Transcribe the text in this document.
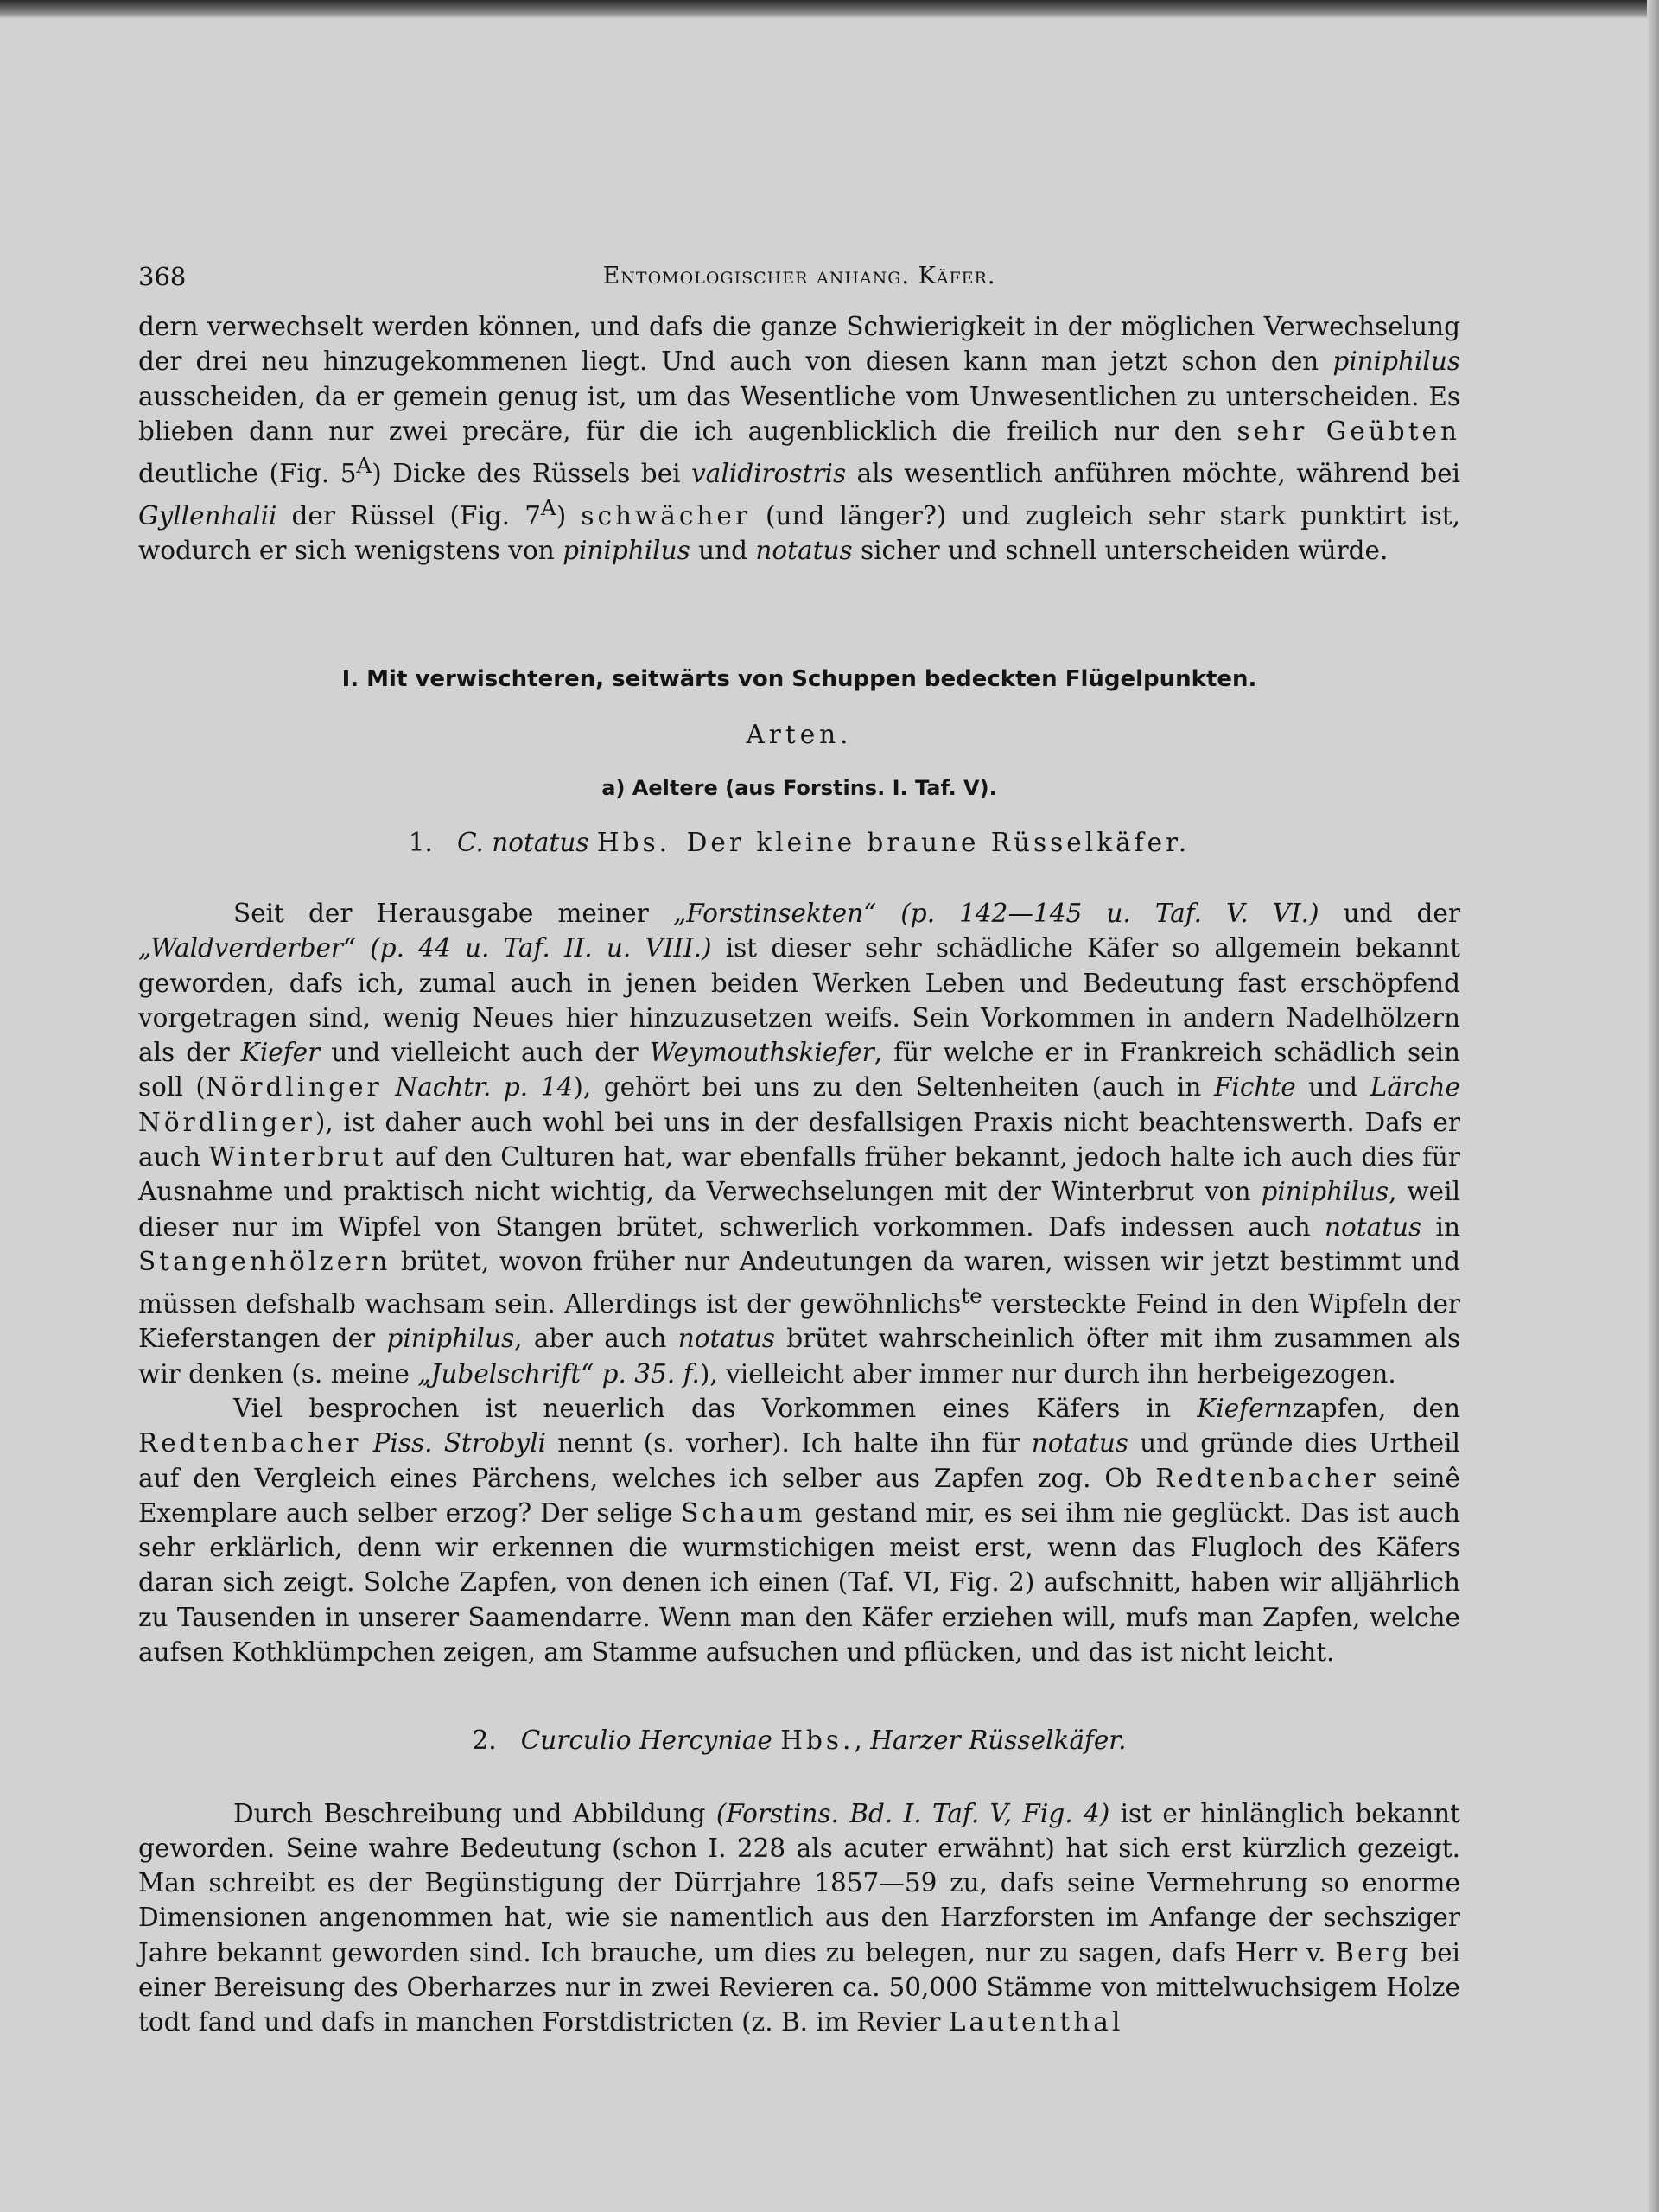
368	Entomologischer anhang. Käfer.

dern verwechselt werden können, und dafs die ganze Schwierigkeit in der möglichen Verwechselung der drei neu hinzugekommenen liegt. Und auch von diesen kann man jetzt schon den piniphilus ausscheiden, da er gemein genug ist, um das Wesentliche vom Unwesentlichen zu unterscheiden. Es blieben dann nur zwei precäre, für die ich augenblicklich die freilich nur den sehr Geübten deutliche (Fig. $5^A$) Dicke des Rüssels bei validirostris als wesentlich anführen möchte, während bei Gyllenhalii der Rüssel (Fig. $7^A$) schwächer (und länger?) und zugleich sehr stark punktirt ist, wodurch er sich wenigstens von piniphilus und notatus sicher und schnell unterscheiden würde.

I. Mit verwischteren, seitwärts von Schuppen bedeckten Flügelpunkten.
Arten.
a) Aeltere (aus Forstins. I. Taf. V).
1. C. notatus Hbs. Der kleine braune Rüsselkäfer.

Seit der Herausgabe meiner „Forstinsekten“ (p. 142—145 u. Taf. V. VI.) und der „Waldverderber“ (p. 44 u. Taf. II. u. VIII.) ist dieser sehr schädliche Käfer so allgemein bekannt geworden, dafs ich, zumal auch in jenen beiden Werken Leben und Bedeutung fast erschöpfend vorgetragen sind, wenig Neues hier hinzuzusetzen weifs. Sein Vorkommen in andern Nadelhölzern als der Kiefer und vielleicht auch der Weymouthskiefer, für welche er in Frankreich schädlich sein soll (Nördlinger Nachtr. p. 14), gehört bei uns zu den Seltenheiten (auch in Fichte und Lärche Nördlinger), ist daher auch wohl bei uns in der desfallsigen Praxis nicht beachtenswerth. Dafs er auch Winterbrut auf den Culturen hat, war ebenfalls früher bekannt, jedoch halte ich auch dies für Ausnahme und praktisch nicht wichtig, da Verwechselungen mit der Winterbrut von piniphilus, weil dieser nur im Wipfel von Stangen brütet, schwerlich vorkommen. Dafs indessen auch notatus in Stangenhölzern brütet, wovon früher nur Andeutungen da waren, wissen wir jetzt bestimmt und müssen defshalb wachsam sein. Allerdings ist der gewöhnlichs$^{te}$ versteckte Feind in den Wipfeln der Kieferstangen der piniphilus, aber auch notatus brütet wahrscheinlich öfter mit ihm zusammen als wir denken (s. meine „Jubelschrift“ p. 35. f.), vielleicht aber immer nur durch ihn herbeigezogen.

Viel besprochen ist neuerlich das Vorkommen eines Käfers in Kiefernzapfen, den Redtenbacher Piss. Strobyli nennt (s. vorher). Ich halte ihn für notatus und gründe dies Urtheil auf den Vergleich eines Pärchens, welches ich selber aus Zapfen zog. Ob Redtenbacher seinê Exemplare auch selber erzog? Der selige Schaum gestand mir, es sei ihm nie geglückt. Das ist auch sehr erklärlich, denn wir erkennen die wurmstichigen meist erst, wenn das Flugloch des Käfers daran sich zeigt. Solche Zapfen, von denen ich einen (Taf. VI, Fig. 2) aufschnitt, haben wir alljährlich zu Tausenden in unserer Saamendarre. Wenn man den Käfer erziehen will, mufs man Zapfen, welche aufsen Kothklümpchen zeigen, am Stamme aufsuchen und pflücken, und das ist nicht leicht.

2. Curculio Hercyniae Hbs., Harzer Rüsselkäfer.

Durch Beschreibung und Abbildung (Forstins. Bd. I. Taf. V, Fig. 4) ist er hinlänglich bekannt geworden. Seine wahre Bedeutung (schon I. 228 als acuter erwähnt) hat sich erst kürzlich gezeigt. Man schreibt es der Begünstigung der Dürrjahre 1857—59 zu, dafs seine Vermehrung so enorme Dimensionen angenommen hat, wie sie namentlich aus den Harzforsten im Anfange der sechsziger Jahre bekannt geworden sind. Ich brauche, um dies zu belegen, nur zu sagen, dafs Herr v. Berg bei einer Bereisung des Oberharzes nur in zwei Revieren ca. 50,000 Stämme von mittelwuchsigem Holze todt fand und dafs in manchen Forstdistricten (z. B. im Revier Lautenthal
